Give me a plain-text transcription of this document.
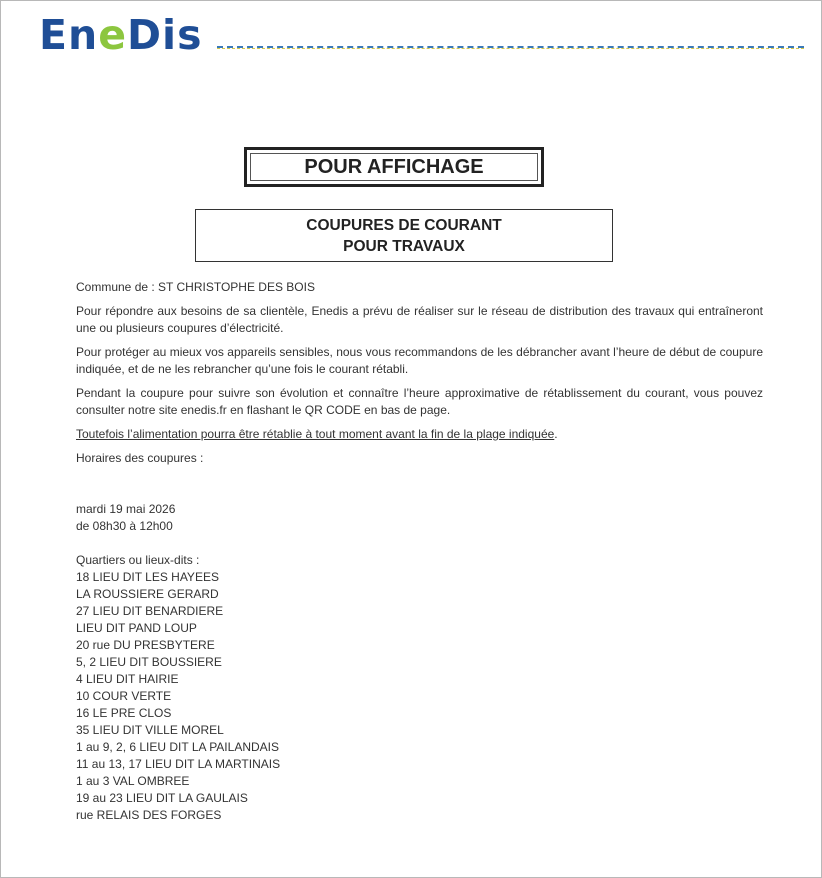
EneDis
POUR AFFICHAGE
COUPURES DE COURANT
POUR TRAVAUX

Commune de : ST CHRISTOPHE DES BOIS

Pour répondre aux besoins de sa clientèle, Enedis a prévu de réaliser sur le réseau de distribution des travaux qui entraîneront une ou plusieurs coupures d’électricité.

Pour protéger au mieux vos appareils sensibles, nous vous recommandons de les débrancher avant l’heure de début de coupure indiquée, et de ne les rebrancher qu’une fois le courant rétabli.

Pendant la coupure pour suivre son évolution et connaître l’heure approximative de rétablissement du courant, vous pouvez consulter notre site enedis.fr en flashant le QR CODE en bas de page.

Toutefois l’alimentation pourra être rétablie à tout moment avant la fin de la plage indiquée.

Horaires des coupures :

mardi 19 mai 2026

de 08h30 à 12h00

Quartiers ou lieux-dits :

18 LIEU DIT LES HAYEES
LA ROUSSIERE GERARD
27 LIEU DIT BENARDIERE
LIEU DIT PAND LOUP
20 rue DU PRESBYTERE
5, 2 LIEU DIT BOUSSIERE
4 LIEU DIT HAIRIE
10 COUR VERTE
16 LE PRE CLOS
35 LIEU DIT VILLE MOREL
1 au 9, 2, 6 LIEU DIT LA PAILANDAIS
11 au 13, 17 LIEU DIT LA MARTINAIS
1 au 3 VAL OMBREE
19 au 23 LIEU DIT LA GAULAIS
rue RELAIS DES FORGES
